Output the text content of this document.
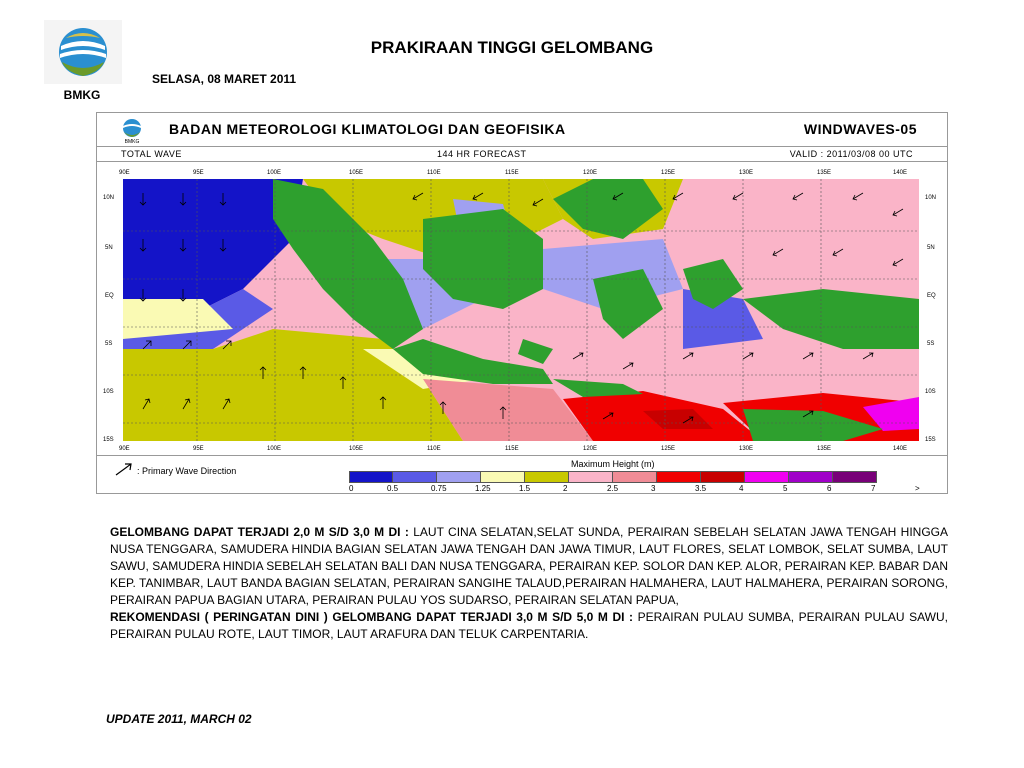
BMKG
PRAKIRAAN TINGGI GELOMBANG
SELASA, 08 MARET 2011
BMKG
BADAN METEOROLOGI KLIMATOLOGI DAN GEOFISIKA	WINDWAVES-05
TOTAL WAVE	144 HR FORECAST	VALID : 2011/03/08 00 UTC
90E	95E	100E	105E	110E	115E	120E	125E	130E	135E	140E
90E	95E	100E	105E	110E	115E	120E	125E	130E	135E	140E
10N
5N
EQ
5S
10S
15S
10N
5N
EQ
5S
10S
15S
: Primary Wave Direction
Maximum Height (m)
0	0.5	0.75	1.25	1.5	2	2.5	3	3.5	4	5	6	7	>
GELOMBANG DAPAT TERJADI 2,0 M S/D 3,0 M DI : LAUT CINA SELATAN,SELAT SUNDA, PERAIRAN SEBELAH SELATAN JAWA TENGAH HINGGA NUSA TENGGARA, SAMUDERA HINDIA BAGIAN SELATAN JAWA TENGAH DAN JAWA TIMUR, LAUT FLORES, SELAT LOMBOK, SELAT SUMBA, LAUT SAWU, SAMUDERA HINDIA SEBELAH SELATAN BALI DAN NUSA TENGGARA, PERAIRAN KEP. SOLOR DAN KEP. ALOR, PERAIRAN KEP. BABAR DAN KEP. TANIMBAR, LAUT BANDA BAGIAN SELATAN, PERAIRAN SANGIHE TALAUD,PERAIRAN HALMAHERA, LAUT HALMAHERA, PERAIRAN SORONG, PERAIRAN PAPUA BAGIAN UTARA, PERAIRAN PULAU YOS SUDARSO, PERAIRAN SELATAN PAPUA,
REKOMENDASI ( PERINGATAN DINI ) GELOMBANG DAPAT TERJADI 3,0 M S/D 5,0 M DI : PERAIRAN PULAU SUMBA, PERAIRAN PULAU SAWU, PERAIRAN PULAU ROTE, LAUT TIMOR, LAUT ARAFURA DAN TELUK CARPENTARIA.
UPDATE 2011, MARCH 02
